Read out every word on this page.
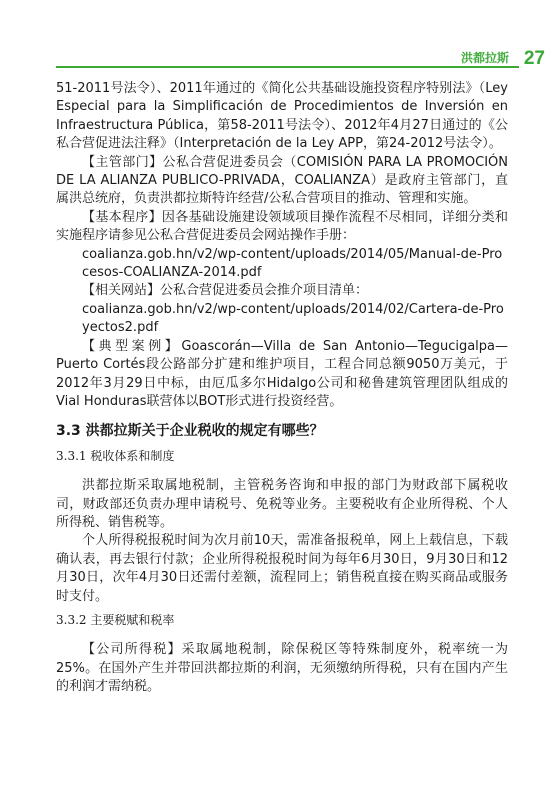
洪都拉斯 27

51-2011号法令）、2011年通过的《简化公共基础设施投资程序特别法》（Ley Especial para la Simplificación de Procedimientos de Inversión en Infraestructura Pública，第58-2011号法令）、2012年4月27日通过的《公私合营促进法注释》（Interpretación de la Ley APP，第24-2012号法令）。

【主管部门】公私合营促进委员会（COMISIÓN PARA LA PROMOCIÓN DE LA ALIANZA PUBLICO-PRIVADA，COALIANZA）是政府主管部门，直属洪总统府，负责洪都拉斯特许经营/公私合营项目的推动、管理和实施。

【基本程序】因各基础设施建设领域项目操作流程不尽相同，详细分类和实施程序请参见公私合营促进委员会网站操作手册：

coalianza.gob.hn/v2/wp-content/uploads/2014/05/Manual-de-Procesos-COALIANZA-2014.pdf

【相关网站】公私合营促进委员会推介项目清单：

coalianza.gob.hn/v2/wp-content/uploads/2014/02/Cartera-de-Proyectos2.pdf

【典型案例】Goascorán—Villa de San Antonio—Tegucigalpa—Puerto Cortés段公路部分扩建和维护项目，工程合同总额9050万美元，于2012年3月29日中标，由厄瓜多尔Hidalgo公司和秘鲁建筑管理团队组成的Vial Honduras联营体以BOT形式进行投资经营。

3.3 洪都拉斯关于企业税收的规定有哪些？
3.3.1 税收体系和制度

洪都拉斯采取属地税制，主管税务咨询和申报的部门为财政部下属税收司，财政部还负责办理申请税号、免税等业务。主要税收有企业所得税、个人所得税、销售税等。

个人所得税报税时间为次月前10天，需准备报税单，网上上载信息，下载确认表，再去银行付款；企业所得税报税时间为每年6月30日，9月30日和12月30日，次年4月30日还需付差额，流程同上；销售税直接在购买商品或服务时支付。

3.3.2 主要税赋和税率

【公司所得税】采取属地税制，除保税区等特殊制度外，税率统一为25%。在国外产生并带回洪都拉斯的利润，无须缴纳所得税，只有在国内产生的利润才需纳税。
